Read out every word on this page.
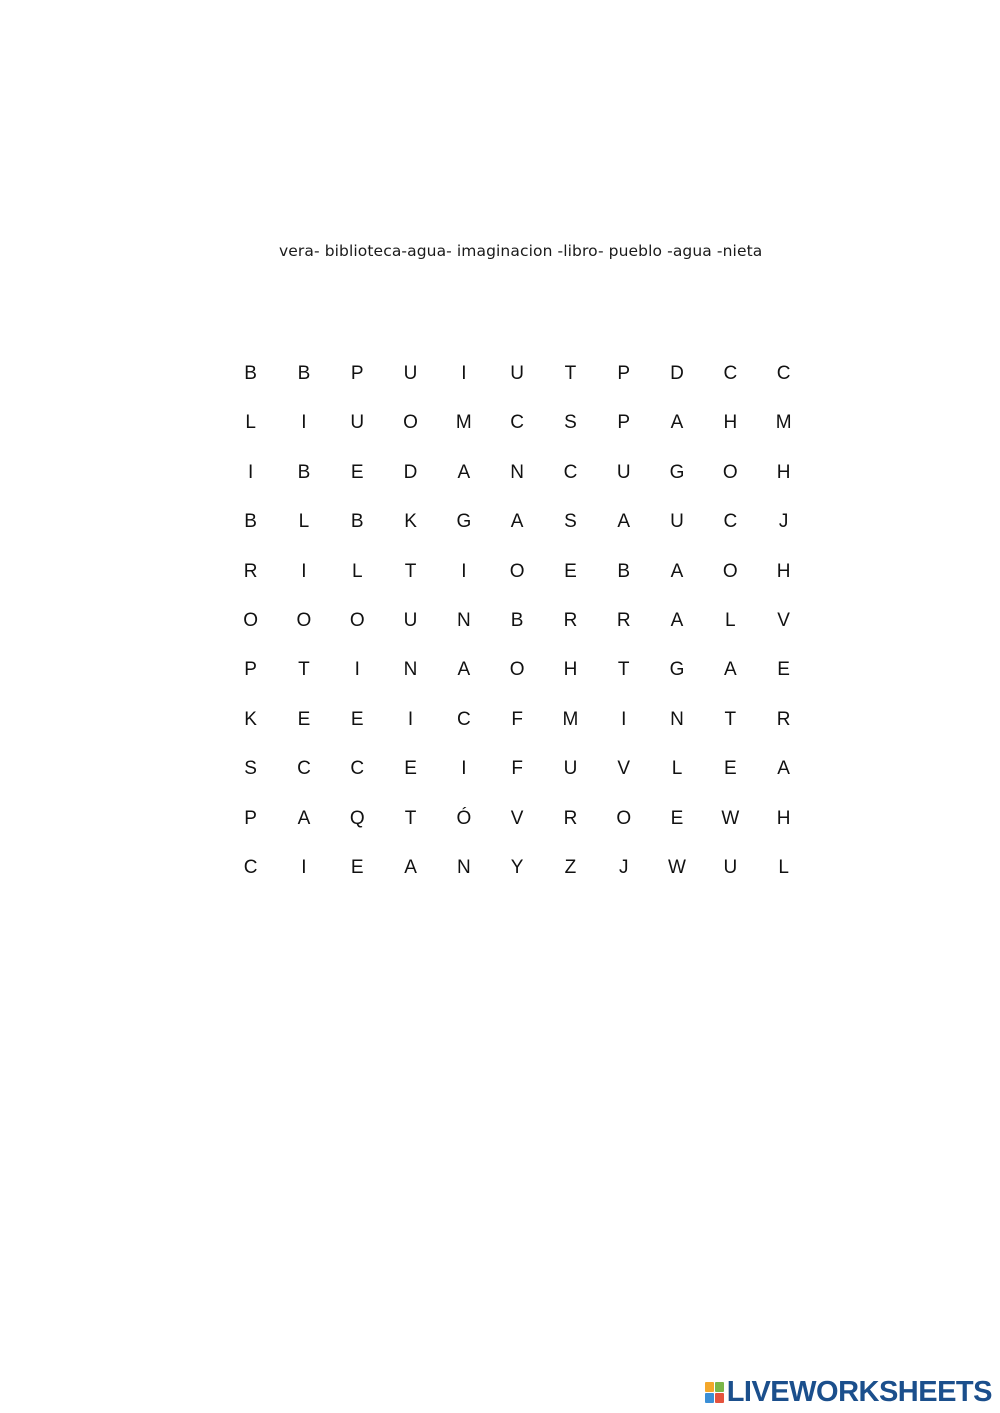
vera- biblioteca-agua- imaginacion -libro- pueblo -agua -nieta
B	B	P	U	I	U	T	P	D	C	C
L	I	U	O	M	C	S	P	A	H	M
I	B	E	D	A	N	C	U	G	O	H
B	L	B	K	G	A	S	A	U	C	J
R	I	L	T	I	O	E	B	A	O	H
O	O	O	U	N	B	R	R	A	L	V
P	T	I	N	A	O	H	T	G	A	E
K	E	E	I	C	F	M	I	N	T	R
S	C	C	E	I	F	U	V	L	E	A
P	A	Q	T	Ó	V	R	O	E	W	H
C	I	E	A	N	Y	Z	J	W	U	L
LIVEWORKSHEETS
